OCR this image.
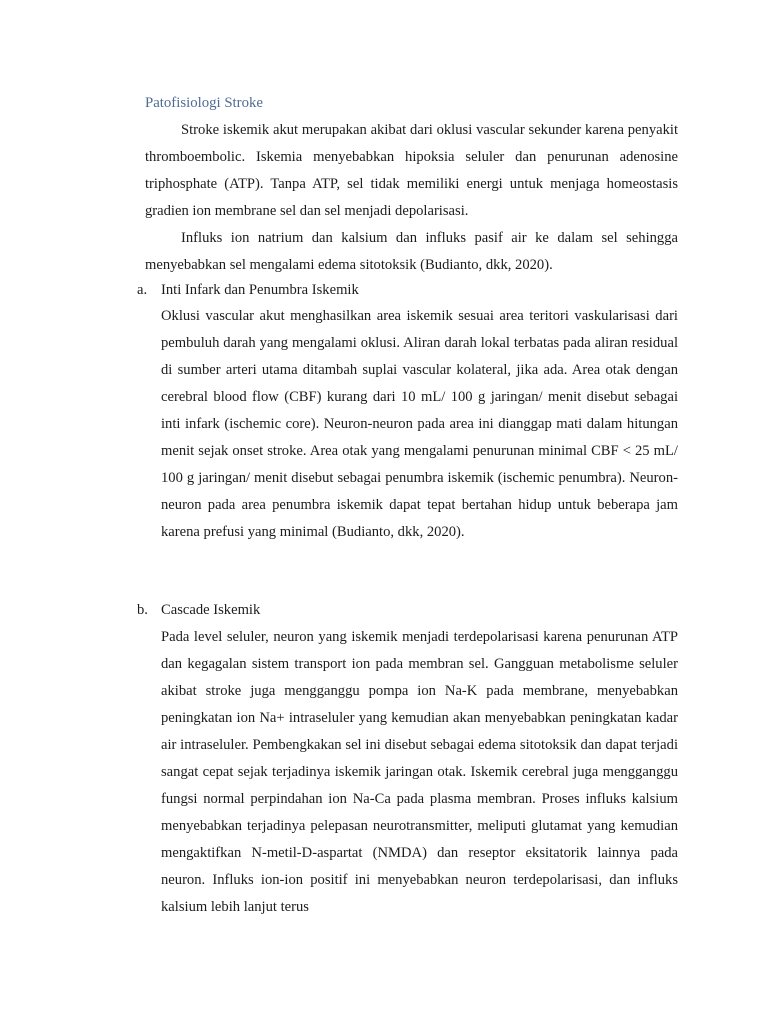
Patofisiologi Stroke

Stroke iskemik akut merupakan akibat dari oklusi vascular sekunder karena penyakit thromboembolic. Iskemia menyebabkan hipoksia seluler dan penurunan adenosine triphosphate (ATP). Tanpa ATP, sel tidak memiliki energi untuk menjaga homeostasis gradien ion membrane sel dan sel menjadi depolarisasi.

Influks ion natrium dan kalsium dan influks pasif air ke dalam sel sehingga menyebabkan sel mengalami edema sitotoksik (Budianto, dkk, 2020).

a. Inti Infark dan Penumbra Iskemik

Oklusi vascular akut menghasilkan area iskemik sesuai area teritori vaskularisasi dari pembuluh darah yang mengalami oklusi. Aliran darah lokal terbatas pada aliran residual di sumber arteri utama ditambah suplai vascular kolateral, jika ada. Area otak dengan cerebral blood flow (CBF) kurang dari 10 mL/ 100 g jaringan/ menit disebut sebagai inti infark (ischemic core). Neuron-neuron pada area ini dianggap mati dalam hitungan menit sejak onset stroke. Area otak yang mengalami penurunan minimal CBF < 25 mL/ 100 g jaringan/ menit disebut sebagai penumbra iskemik (ischemic penumbra). Neuron-neuron pada area penumbra iskemik dapat tepat bertahan hidup untuk beberapa jam karena prefusi yang minimal (Budianto, dkk, 2020).

b. Cascade Iskemik

Pada level seluler, neuron yang iskemik menjadi terdepolarisasi karena penurunan ATP dan kegagalan sistem transport ion pada membran sel. Gangguan metabolisme seluler akibat stroke juga mengganggu pompa ion Na-K pada membrane, menyebabkan peningkatan ion Na+ intraseluler yang kemudian akan menyebabkan peningkatan kadar air intraseluler. Pembengkakan sel ini disebut sebagai edema sitotoksik dan dapat terjadi sangat cepat sejak terjadinya iskemik jaringan otak. Iskemik cerebral juga mengganggu fungsi normal perpindahan ion Na-Ca pada plasma membran. Proses influks kalsium menyebabkan terjadinya pelepasan neurotransmitter, meliputi glutamat yang kemudian mengaktifkan N-metil-D-aspartat (NMDA) dan reseptor eksitatorik lainnya pada neuron. Influks ion-ion positif ini menyebabkan neuron terdepolarisasi, dan influks kalsium lebih lanjut terus
